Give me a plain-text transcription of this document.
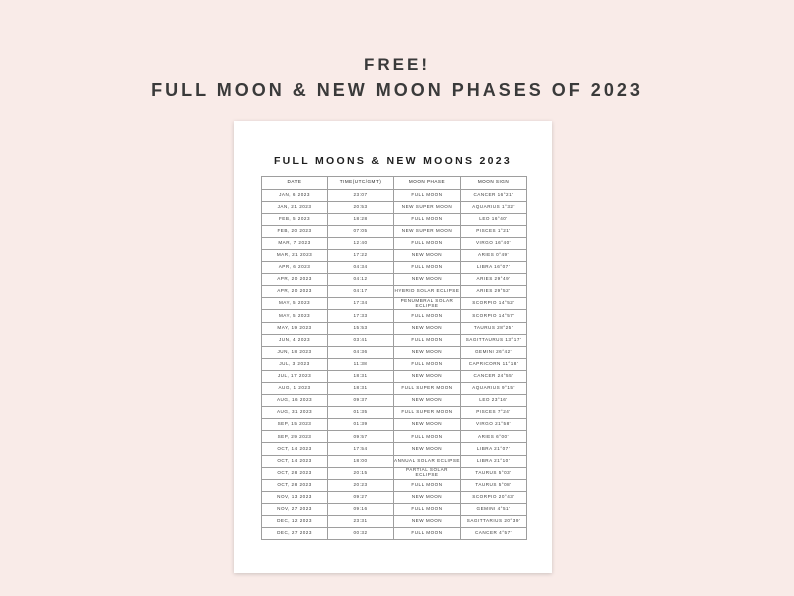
FREE!
FULL MOON & NEW MOON PHASES OF 2023
FULL MOONS & NEW MOONS 2023
DATE	TIME(UTC/GMT)	MOON PHASE	MOON SIGN
JAN, 6 2023	23:07	FULL MOON	CANCER 16°21'
JAN, 21 2023	20:53	NEW SUPER MOON	AQUARIUS 1°32'
FEB, 5 2023	18:28	FULL MOON	LEO 16°40'
FEB, 20 2023	07:05	NEW SUPER MOON	PISCES 1°21'
MAR, 7 2023	12:40	FULL MOON	VIRGO 16°40'
MAR, 21 2023	17:22	NEW MOON	ARIES 0°49'
APR, 6 2023	04:34	FULL MOON	LIBRA 16°07'
APR, 20 2023	04:12	NEW MOON	ARIES 29°49'
APR, 20 2023	04:17	HYBRID SOLAR ECLIPSE	ARIES 29°52'
MAY, 5 2023	17:34	PENUMBRAL SOLAR ECLIPSE	SCORPIO 14°52'
MAY, 5 2023	17:33	FULL MOON	SCORPIO 14°57'
MAY, 19 2023	15:53	NEW MOON	TAURUS 28°25'
JUN, 4 2023	03:41	FULL MOON	SAGITTAURUS 13°17'
JUN, 18 2023	04:36	NEW MOON	GEMINI 26°42'
JUL, 3 2023	11:38	FULL MOON	CAPRICORN 11°18'
JUL, 17 2023	18:31	NEW MOON	CANCER 24°55'
AUG, 1 2023	18:31	FULL SUPER MOON	AQUARIUS 9°15'
AUG, 16 2023	09:37	NEW MOON	LEO 23°16'
AUG, 31 2023	01:35	FULL SUPER MOON	PISCES 7°24'
SEP, 15 2023	01:39	NEW MOON	VIRGO 21°58'
SEP, 29 2023	09:57	FULL MOON	ARIES 6°00'
OCT, 14 2023	17:54	NEW MOON	LIBRA 21°07'
OCT, 14 2023	18:00	ANNUAL SOLAR ECLIPSE	LIBRA 21°10'
OCT, 28 2023	20:15	PARTIAL SOLAR ECLIPSE	TAURUS 5°03'
OCT, 28 2023	20:23	FULL MOON	TAURUS 5°08'
NOV, 13 2023	09:27	NEW MOON	SCORPIO 20°43'
NOV, 27 2023	09:16	FULL MOON	GEMINI 4°51'
DEC, 12 2023	23:31	NEW MOON	SAGITTARIUS 20°39'
DEC, 27 2023	00:32	FULL MOON	CANCER 4°57'
